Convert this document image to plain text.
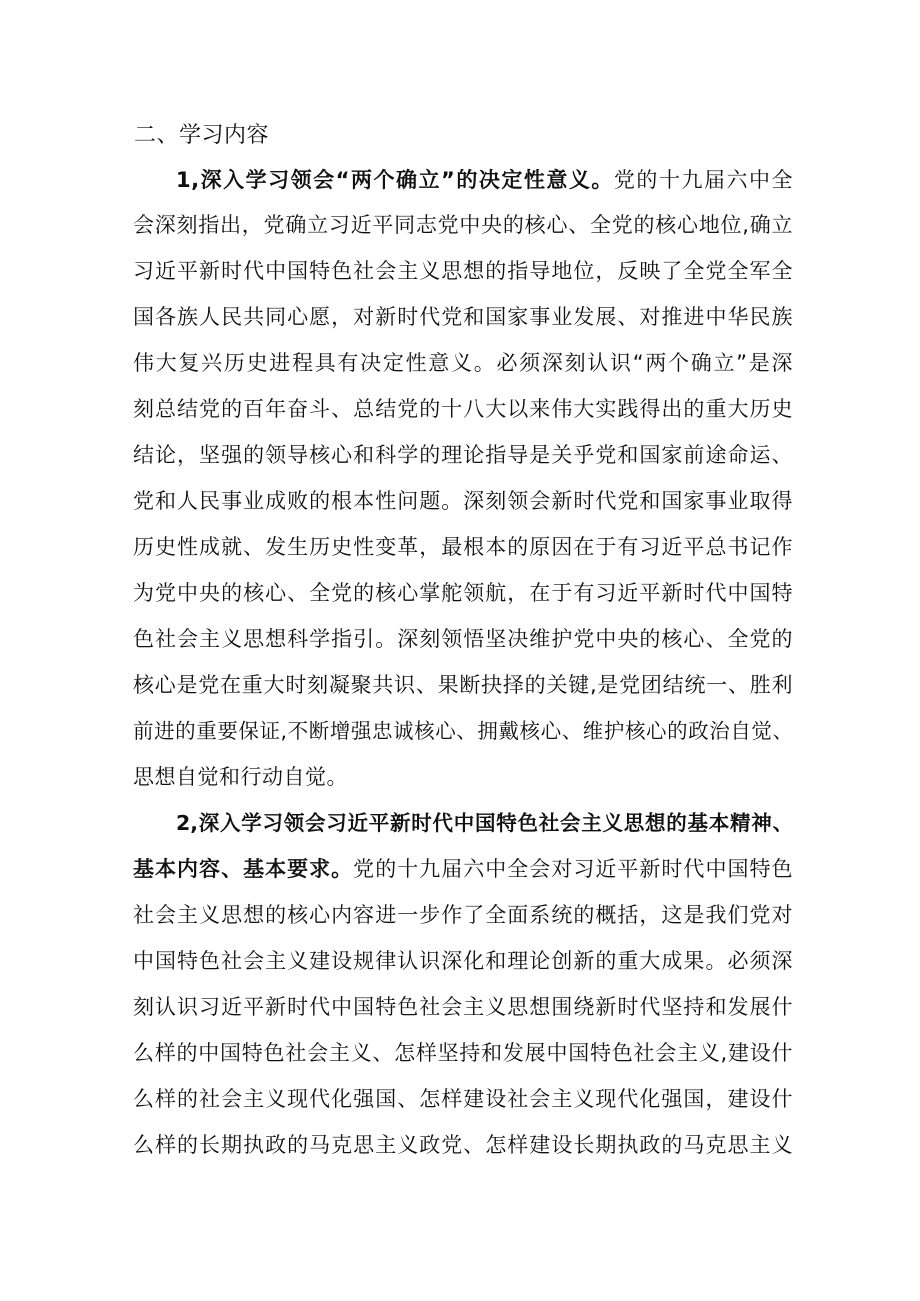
二、学习内容
1,深入学习领会“两个确立”的决定性意义。党的十九届六中全
会深刻指出，党确立习近平同志党中央的核心、全党的核心地位,确立
习近平新时代中国特色社会主义思想的指导地位，反映了全党全军全
国各族人民共同心愿，对新时代党和国家事业发展、对推进中华民族
伟大复兴历史进程具有决定性意义。必须深刻认识“两个确立”是深
刻总结党的百年奋斗、总结党的十八大以来伟大实践得出的重大历史
结论，坚强的领导核心和科学的理论指导是关乎党和国家前途命运、
党和人民事业成败的根本性问题。深刻领会新时代党和国家事业取得
历史性成就、发生历史性变革，最根本的原因在于有习近平总书记作
为党中央的核心、全党的核心掌舵领航，在于有习近平新时代中国特
色社会主义思想科学指引。深刻领悟坚决维护党中央的核心、全党的
核心是党在重大时刻凝聚共识、果断抉择的关键,是党团结统一、胜利
前进的重要保证,不断增强忠诚核心、拥戴核心、维护核心的政治自觉、
思想自觉和行动自觉。
2,深入学习领会习近平新时代中国特色社会主义思想的基本精神、
基本内容、基本要求。党的十九届六中全会对习近平新时代中国特色
社会主义思想的核心内容进一步作了全面系统的概括，这是我们党对
中国特色社会主义建设规律认识深化和理论创新的重大成果。必须深
刻认识习近平新时代中国特色社会主义思想围绕新时代坚持和发展什
么样的中国特色社会主义、怎样坚持和发展中国特色社会主义,建设什
么样的社会主义现代化强国、怎样建设社会主义现代化强国，建设什
么样的长期执政的马克思主义政党、怎样建设长期执政的马克思主义
